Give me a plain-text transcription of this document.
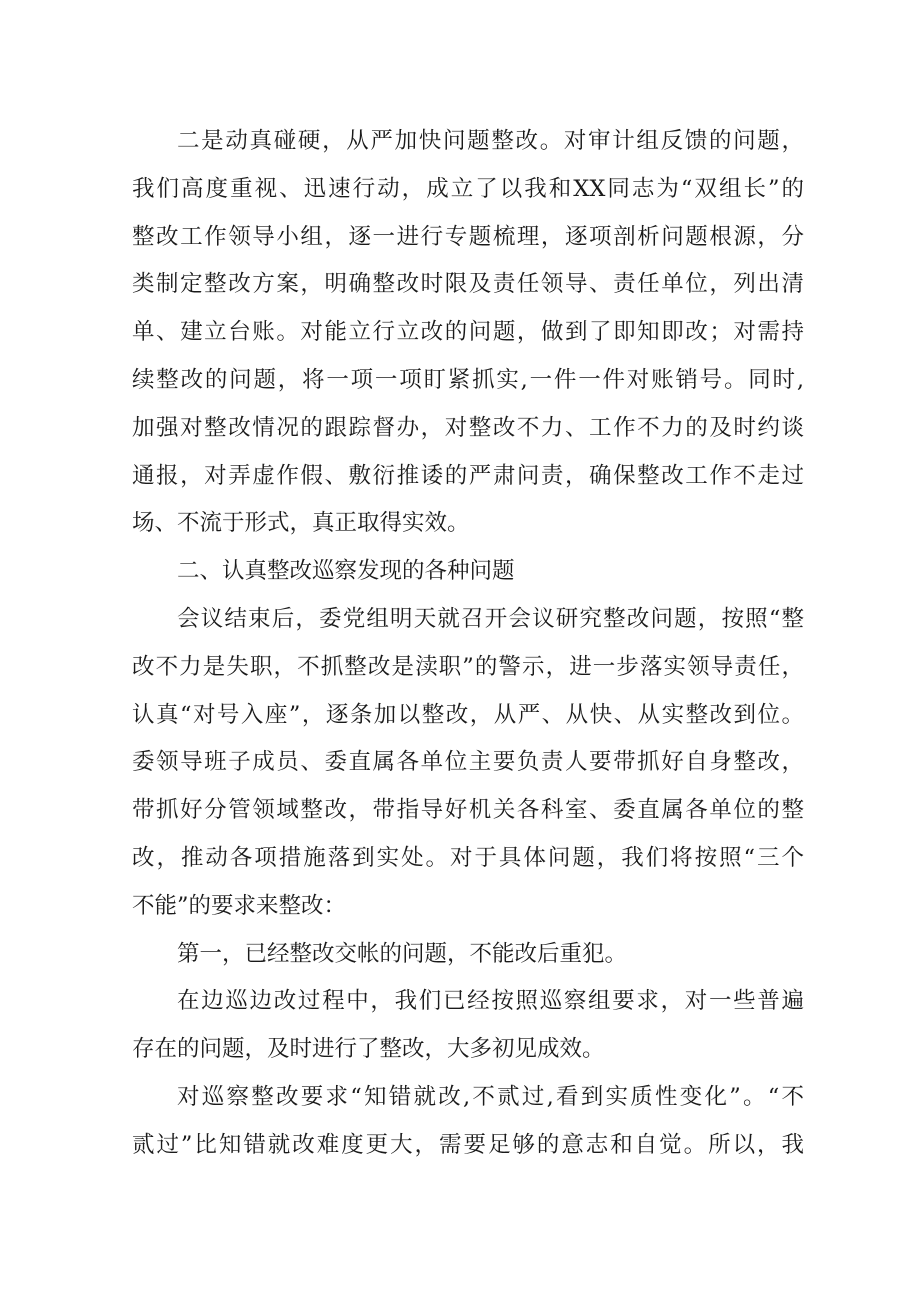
二是动真碰硬，从严加快问题整改。对审计组反馈的问题，
我们高度重视、迅速行动，成立了以我和XX同志为“双组长”的
整改工作领导小组，逐一进行专题梳理，逐项剖析问题根源，分
类制定整改方案，明确整改时限及责任领导、责任单位，列出清
单、建立台账。对能立行立改的问题，做到了即知即改；对需持
续整改的问题，将一项一项盯紧抓实,一件一件对账销号。同时,
加强对整改情况的跟踪督办，对整改不力、工作不力的及时约谈
通报，对弄虚作假、敷衍推诿的严肃问责，确保整改工作不走过
场、不流于形式，真正取得实效。
二、认真整改巡察发现的各种问题
会议结束后，委党组明天就召开会议研究整改问题，按照“整
改不力是失职，不抓整改是渎职”的警示，进一步落实领导责任，
认真“对号入座”，逐条加以整改，从严、从快、从实整改到位。
委领导班子成员、委直属各单位主要负责人要带抓好自身整改，
带抓好分管领域整改，带指导好机关各科室、委直属各单位的整
改，推动各项措施落到实处。对于具体问题，我们将按照“三个
不能”的要求来整改：
第一，已经整改交帐的问题，不能改后重犯。
在边巡边改过程中，我们已经按照巡察组要求，对一些普遍
存在的问题，及时进行了整改，大多初见成效。
对巡察整改要求“知错就改,不贰过,看到实质性变化”。“不
贰过”比知错就改难度更大，需要足够的意志和自觉。所以，我
